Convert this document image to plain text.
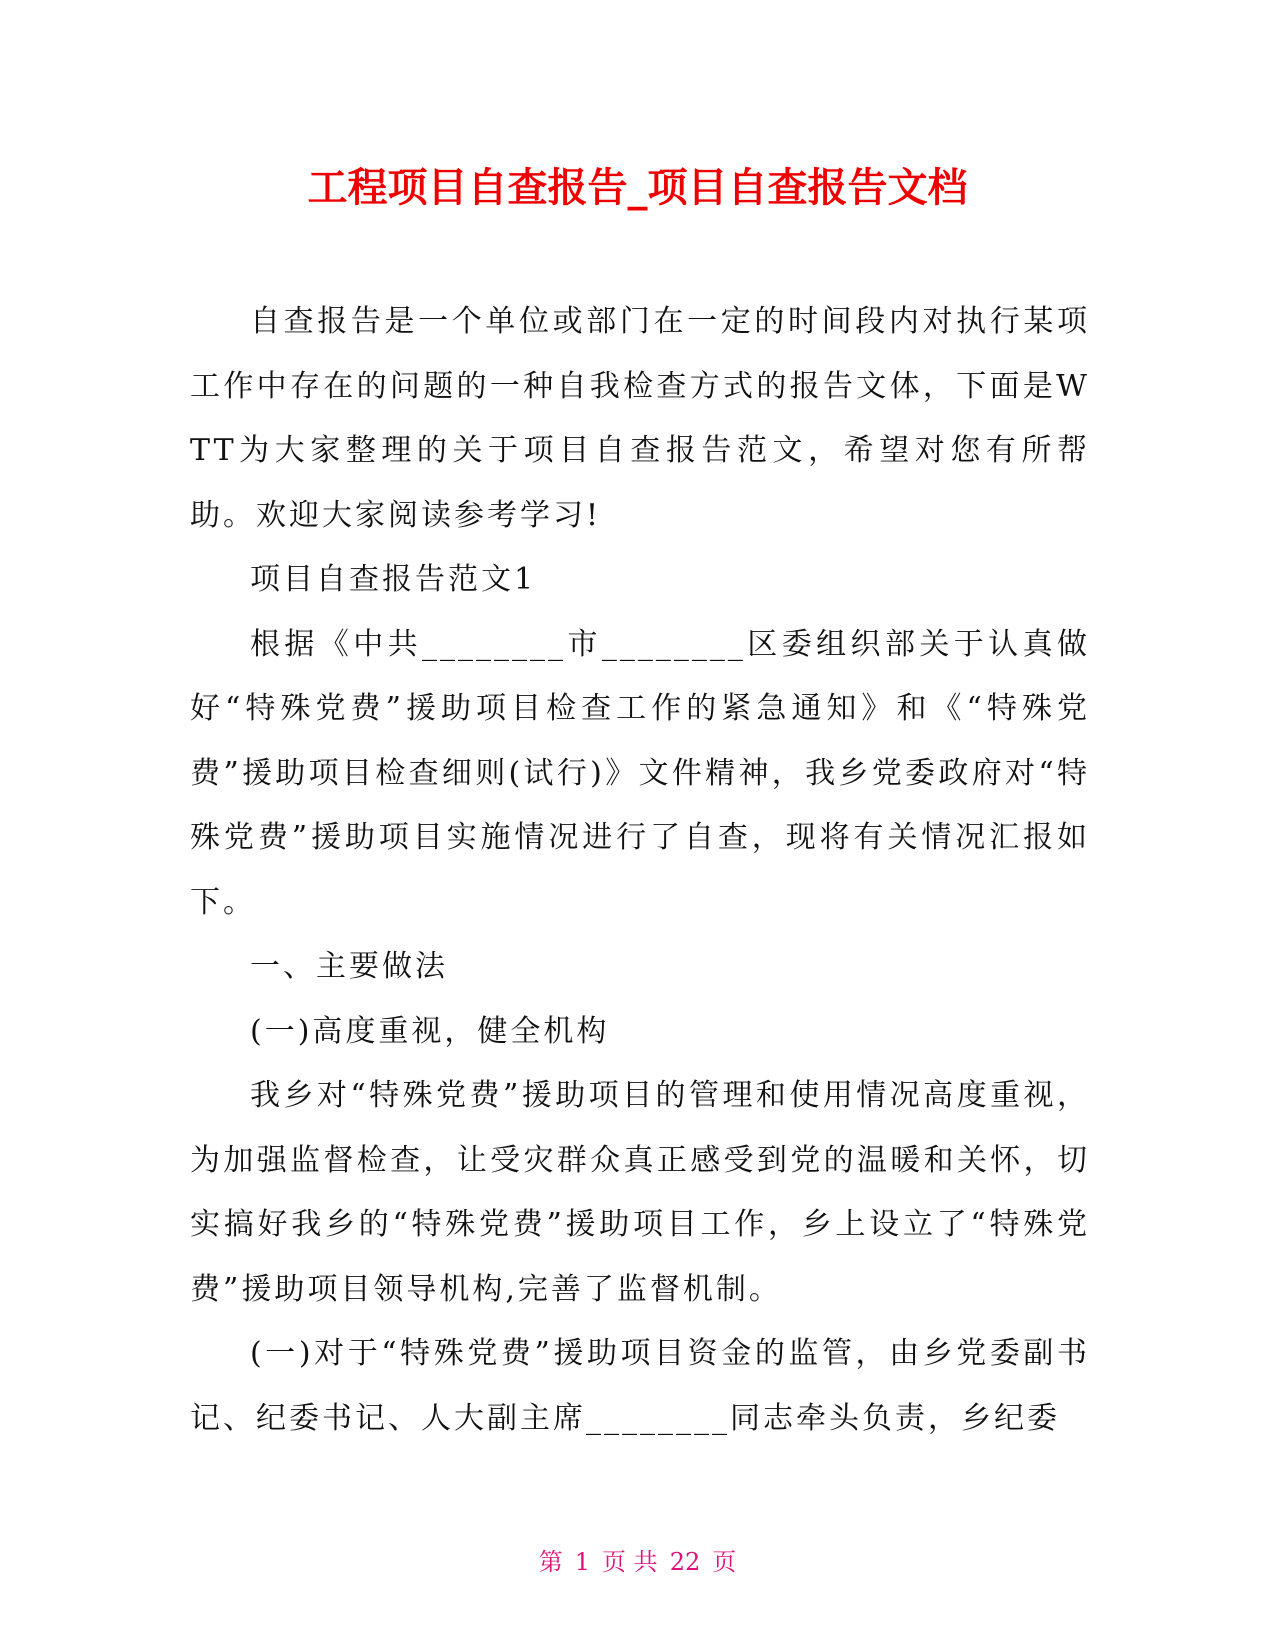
工程项目自查报告_项目自查报告文档

自查报告是一个单位或部门在一定的时间段内对执行某项工作中存在的问题的一种自我检查方式的报告文体，下面是WTT为大家整理的关于项目自查报告范文，希望对您有所帮助。欢迎大家阅读参考学习!

项目自查报告范文1

根据《中共________市________区委组织部关于认真做好“特殊党费”援助项目检查工作的紧急通知》和《“特殊党费”援助项目检查细则(试行)》文件精神，我乡党委政府对“特殊党费”援助项目实施情况进行了自查，现将有关情况汇报如下。

一、主要做法

(一)高度重视，健全机构

我乡对“特殊党费”援助项目的管理和使用情况高度重视，为加强监督检查，让受灾群众真正感受到党的温暖和关怀，切实搞好我乡的“特殊党费”援助项目工作，乡上设立了“特殊党费”援助项目领导机构,完善了监督机制。

(一)对于“特殊党费”援助项目资金的监管，由乡党委副书记、纪委书记、人大副主席________同志牵头负责，乡纪委

第 1 页 共 22 页
